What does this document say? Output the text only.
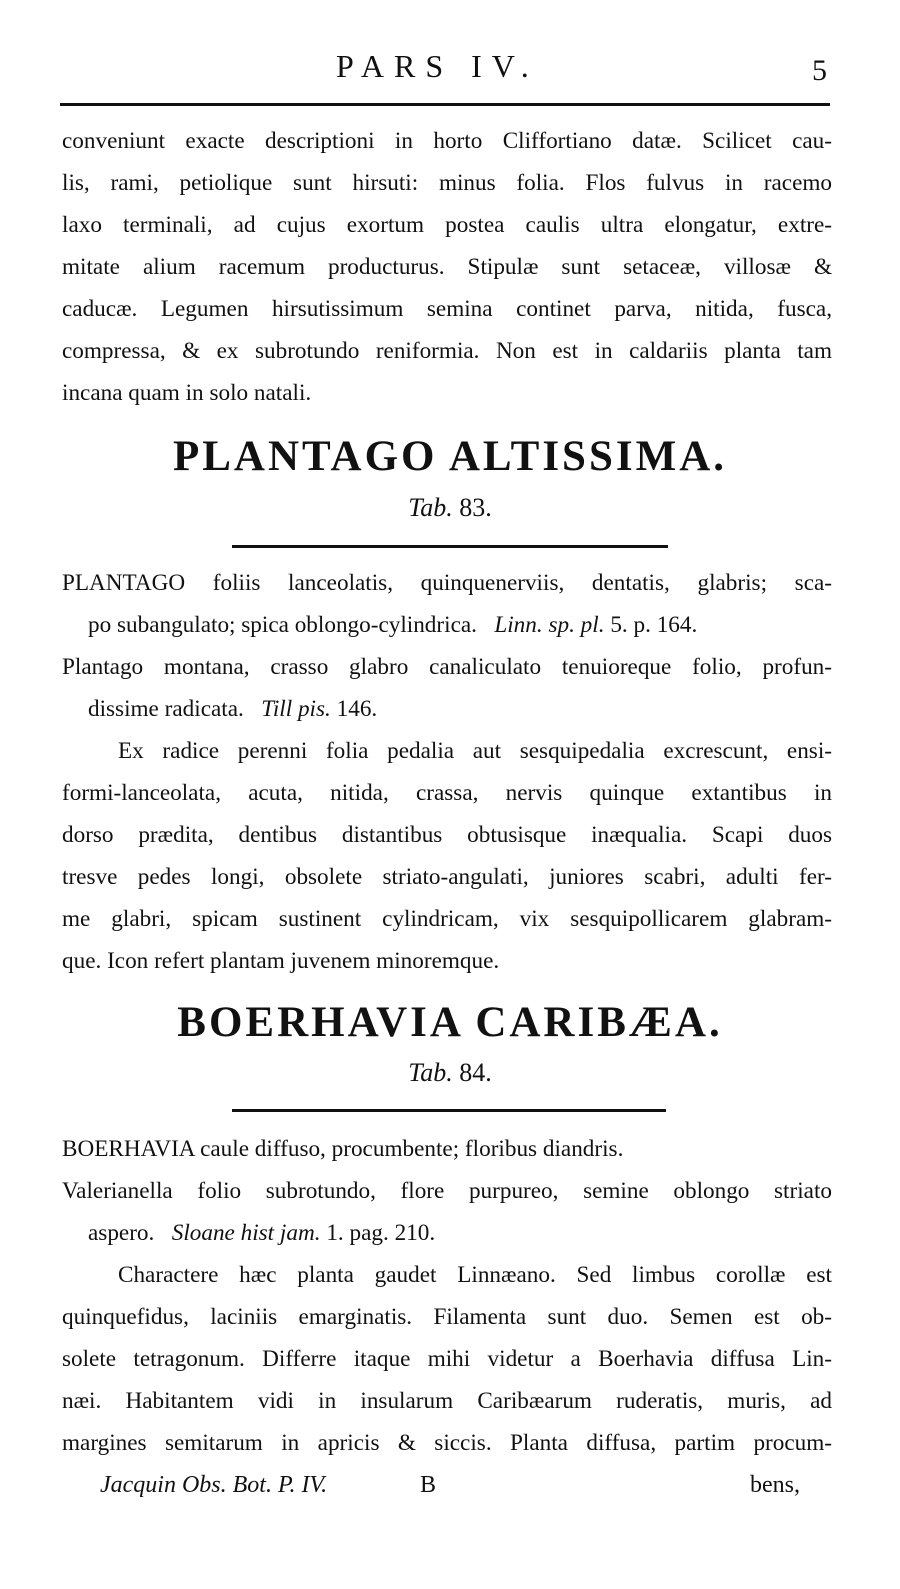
PARS IV.	5
conveniunt exacte descriptioni in horto Cliffortiano datæ. Scilicet cau-
lis, rami, petiolique sunt hirsuti: minus folia. Flos fulvus in racemo
laxo terminali, ad cujus exortum postea caulis ultra elongatur, extre-
mitate alium racemum producturus. Stipulæ sunt setaceæ, villosæ &
caducæ. Legumen hirsutissimum semina continet parva, nitida, fusca,
compressa, & ex subrotundo reniformia. Non est in caldariis planta tam
incana quam in solo natali.
PLANTAGO ALTISSIMA.
Tab. 83.
PLANTAGO foliis lanceolatis, quinquenerviis, dentatis, glabris; sca-
po subangulato; spica oblongo-cylindrica. Linn. sp. pl. 5. p. 164.
Plantago montana, crasso glabro canaliculato tenuioreque folio, profun-
dissime radicata. Till pis. 146.
Ex radice perenni folia pedalia aut sesquipedalia excrescunt, ensi-
formi-lanceolata, acuta, nitida, crassa, nervis quinque extantibus in
dorso prædita, dentibus distantibus obtusisque inæqualia. Scapi duos
tresve pedes longi, obsolete striato-angulati, juniores scabri, adulti fer-
me glabri, spicam sustinent cylindricam, vix sesquipollicarem glabram-
que. Icon refert plantam juvenem minoremque.
BOERHAVIA CARIBÆA.
Tab. 84.
BOERHAVIA caule diffuso, procumbente; floribus diandris.
Valerianella folio subrotundo, flore purpureo, semine oblongo striato
aspero. Sloane hist jam. 1. pag. 210.
Charactere hæc planta gaudet Linnæano. Sed limbus corollæ est
quinquefidus, laciniis emarginatis. Filamenta sunt duo. Semen est ob-
solete tetragonum. Differre itaque mihi videtur a Boerhavia diffusa Lin-
næi. Habitantem vidi in insularum Caribæarum ruderatis, muris, ad
margines semitarum in apricis & siccis. Planta diffusa, partim procum-
Jacquin Obs. Bot. P. IV.	B	bens,
